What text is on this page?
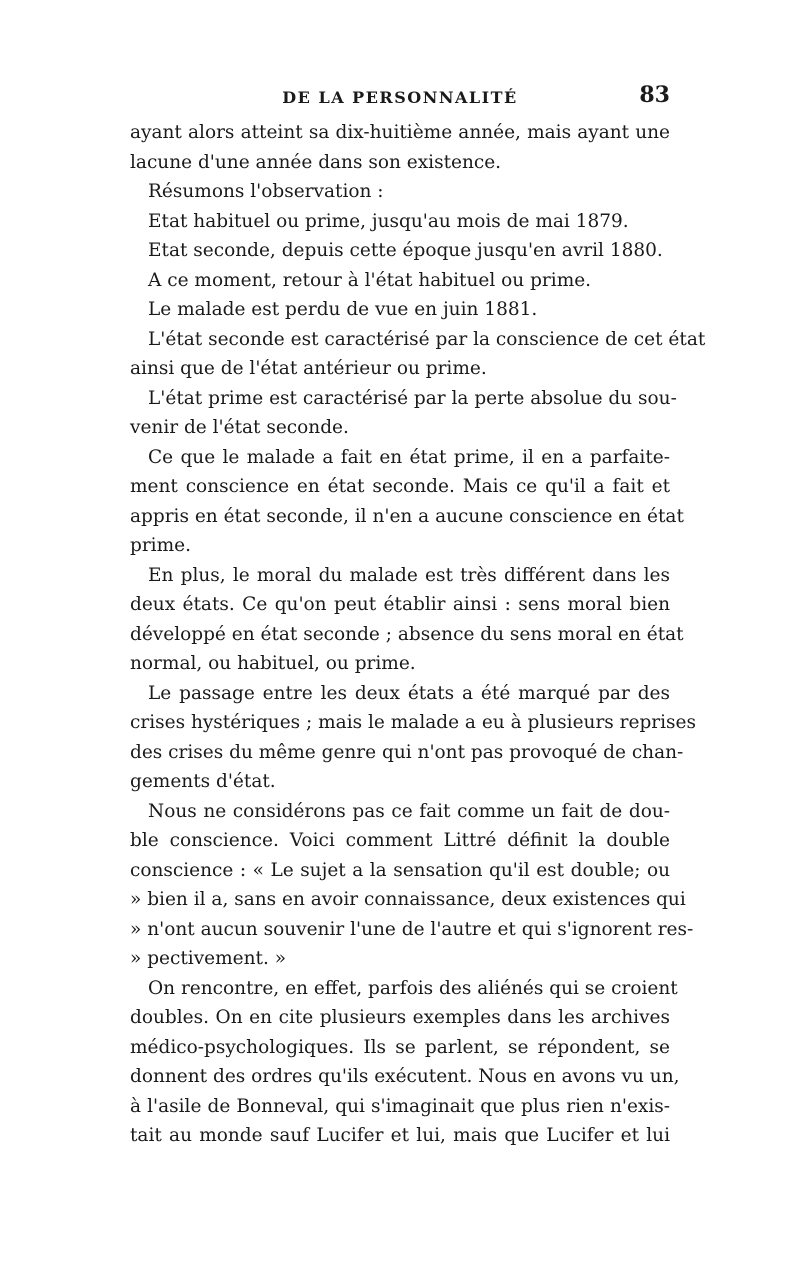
DE LA PERSONNALITÉ	83
ayant alors atteint sa dix-huitième année, mais ayant une
lacune d'une année dans son existence.
Résumons l'observation :
Etat habituel ou prime, jusqu'au mois de mai 1879.
Etat seconde, depuis cette époque jusqu'en avril 1880.
A ce moment, retour à l'état habituel ou prime.
Le malade est perdu de vue en juin 1881.
L'état seconde est caractérisé par la conscience de cet état
ainsi que de l'état antérieur ou prime.
L'état prime est caractérisé par la perte absolue du sou-
venir de l'état seconde.
Ce que le malade a fait en état prime, il en a parfaite-
ment conscience en état seconde. Mais ce qu'il a fait et
appris en état seconde, il n'en a aucune conscience en état
prime.
En plus, le moral du malade est très différent dans les
deux états. Ce qu'on peut établir ainsi : sens moral bien
développé en état seconde ; absence du sens moral en état
normal, ou habituel, ou prime.
Le passage entre les deux états a été marqué par des
crises hystériques ; mais le malade a eu à plusieurs reprises
des crises du même genre qui n'ont pas provoqué de chan-
gements d'état.
Nous ne considérons pas ce fait comme un fait de dou-
ble conscience. Voici comment Littré définit la double
conscience : « Le sujet a la sensation qu'il est double; ou
» bien il a, sans en avoir connaissance, deux existences qui
» n'ont aucun souvenir l'une de l'autre et qui s'ignorent res-
» pectivement. »
On rencontre, en effet, parfois des aliénés qui se croient
doubles. On en cite plusieurs exemples dans les archives
médico-psychologiques. Ils se parlent, se répondent, se
donnent des ordres qu'ils exécutent. Nous en avons vu un,
à l'asile de Bonneval, qui s'imaginait que plus rien n'exis-
tait au monde sauf Lucifer et lui, mais que Lucifer et lui
